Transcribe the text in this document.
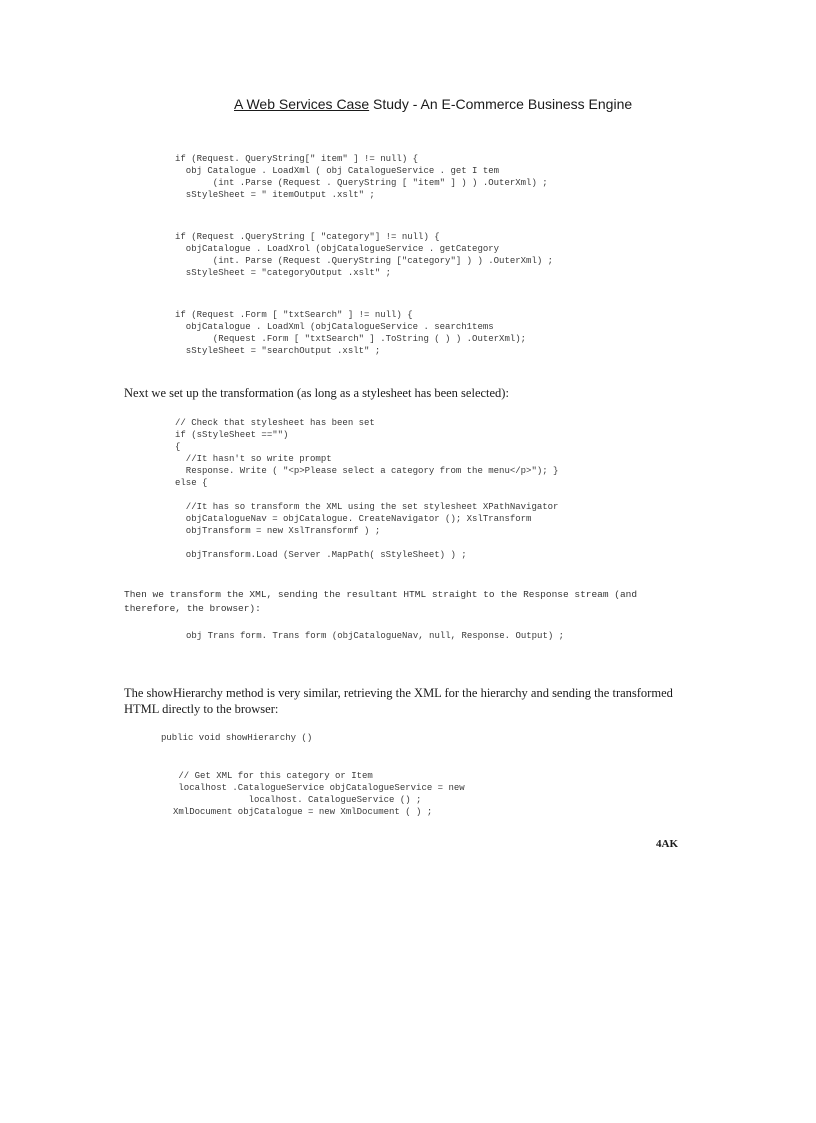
A Web Services Case Study - An E-Commerce Business Engine
if (Request. QueryString[" item" ] != null) {
obj Catalogue . LoadXml ( obj CatalogueService . get I tem
(int .Parse (Request . QueryString [ "item" ] ) ) .OuterXml) ;
sStyleSheet = " itemOutput .xslt" ;
if (Request .QueryString [ "category"] != null) {
objCatalogue . LoadXrol (objCatalogueService . getCategory
(int. Parse (Request .QueryString ["category"] ) ) .OuterXml) ;
sStyleSheet = "categoryOutput .xslt" ;
if (Request .Form [ "txtSearch" ] != null) {
objCatalogue . LoadXml (objCatalogueService . search1tems
(Request .Form [ "txtSearch" ] .ToString ( ) ) .OuterXml);
sStyleSheet = "searchOutput .xslt" ;

Next we set up the transformation (as long as a stylesheet has been selected):

// Check that stylesheet has been set
if (sStyleSheet =="")
{
//It hasn't so write prompt
Response. Write ( "<p>Please select a category from the menu</p>"); }
else {

//It has so transform the XML using the set stylesheet XPathNavigator
objCatalogueNav = objCatalogue. CreateNavigator (); XslTransform
objTransform = new XslTransformf ) ;

objTransform.Load (Server .MapPath( sStyleSheet) ) ;

Then we transform the XML, sending the resultant HTML straight to the Response stream (and therefore, the browser):

obj Trans form. Trans form (objCatalogueNav, null, Response. Output) ;

The showHierarchy method is very similar, retrieving the XML for the hierarchy and sending the transformed HTML directly to the browser:

public void showHierarchy ()
// Get XML for this category or Item
localhost .CatalogueService objCatalogueService = new
localhost. CatalogueService () ;
XmlDocument objCatalogue = new XmlDocument ( ) ;
4AK
